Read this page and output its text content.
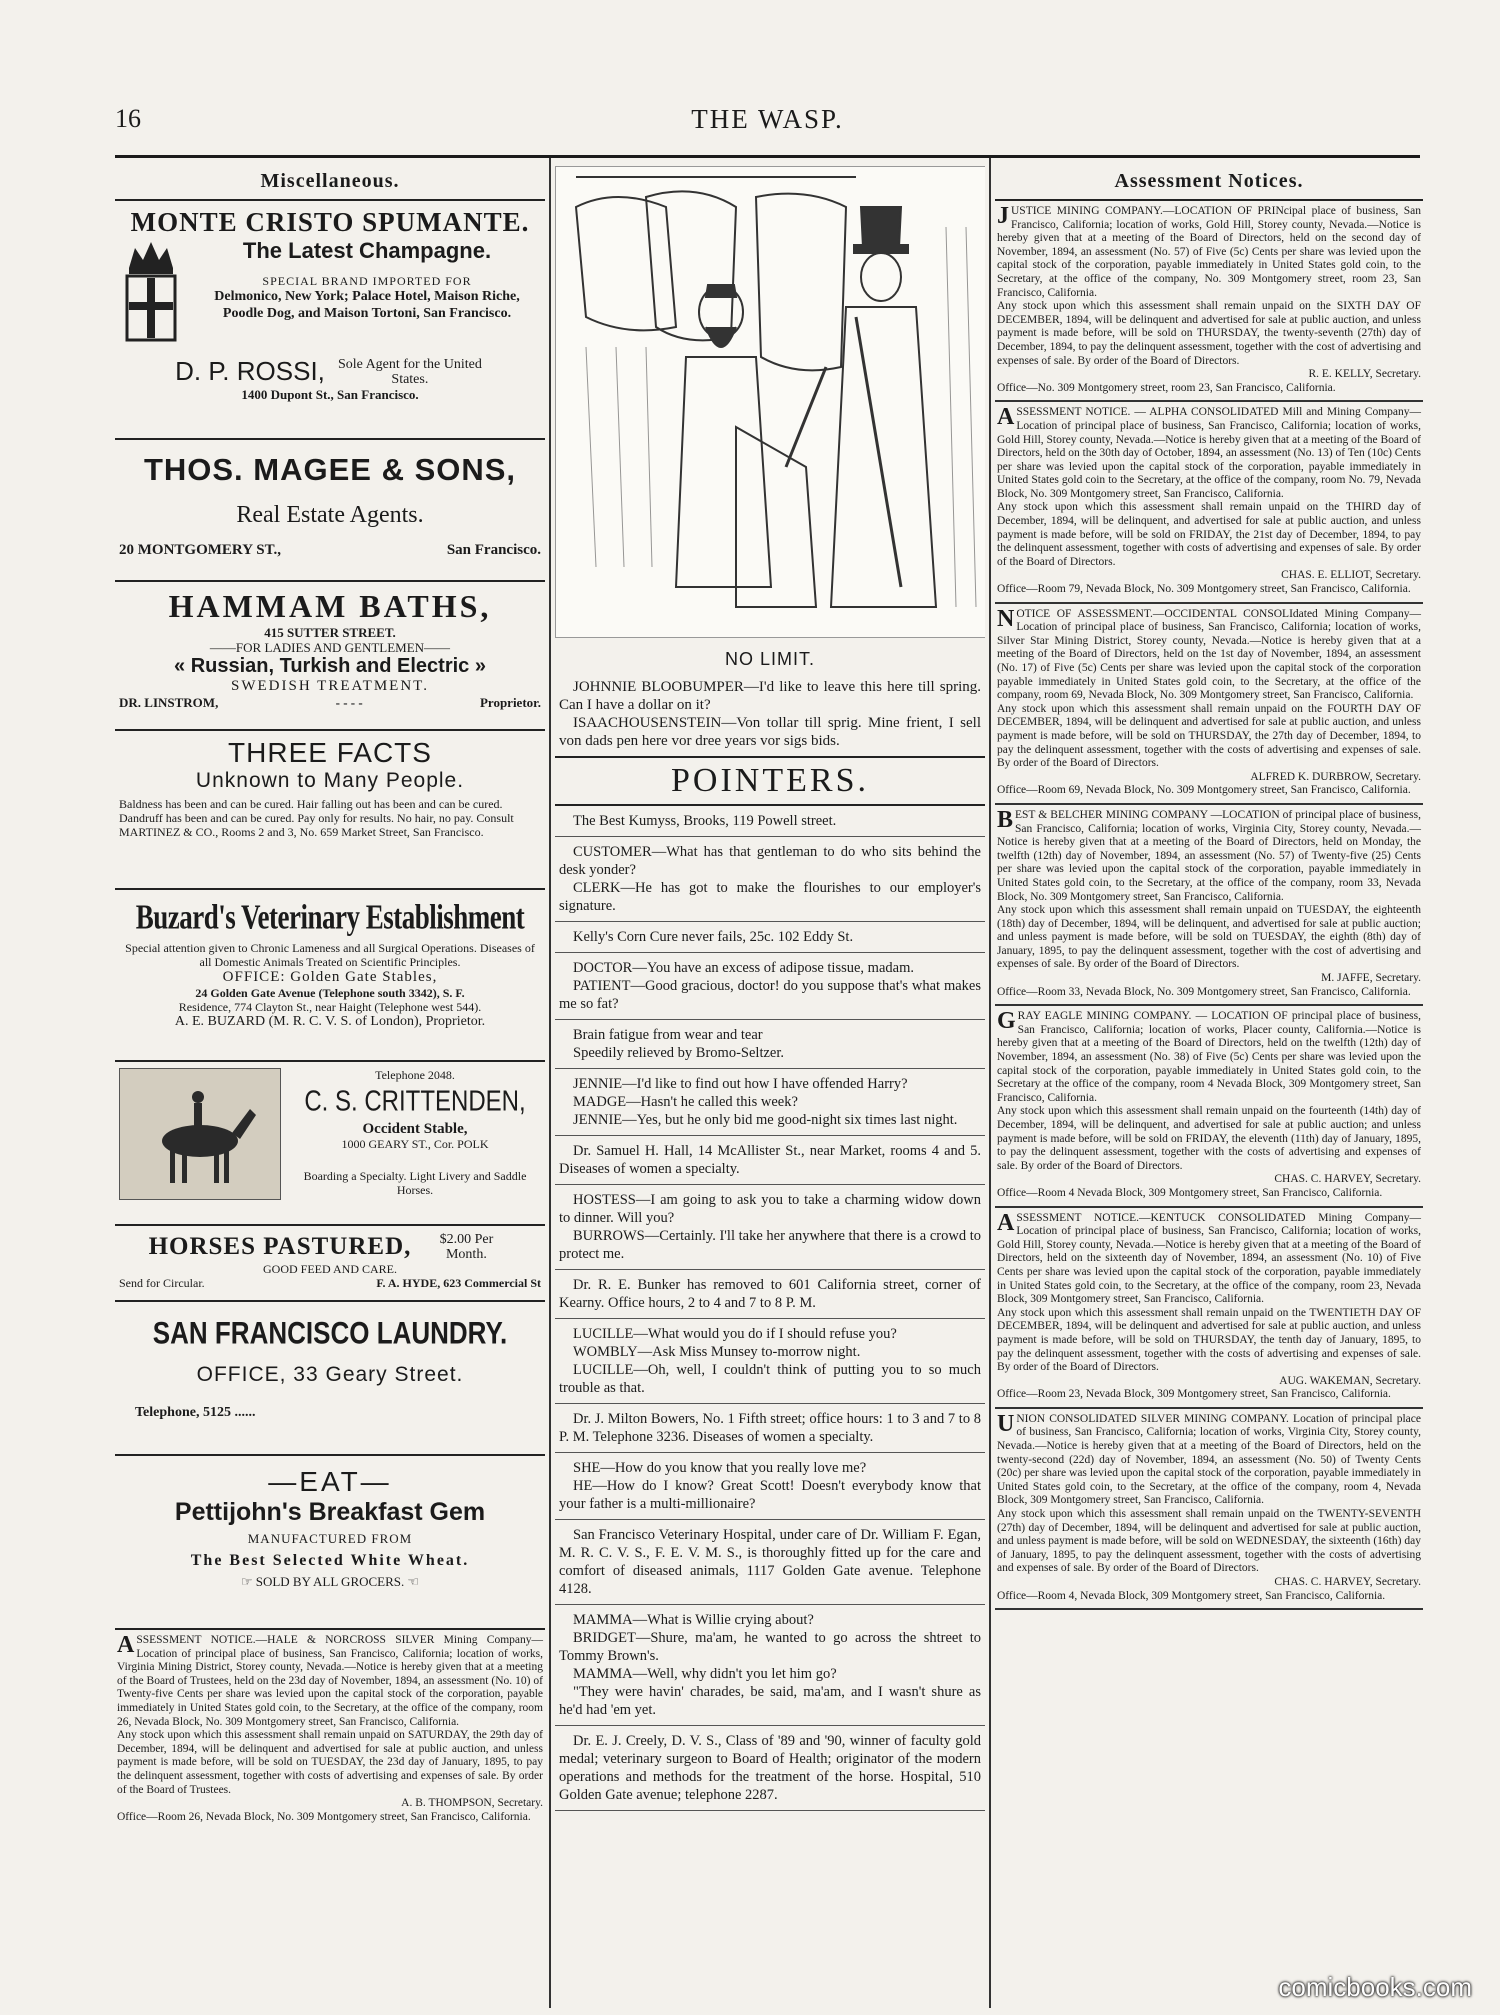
16	THE WASP.
Miscellaneous.
MONTE CRISTO SPUMANTE.
The Latest Champagne.
SPECIAL BRAND IMPORTED FOR
Delmonico, New York; Palace Hotel, Maison Riche, Poodle Dog, and Maison Tortoni, San Francisco.
D. P. ROSSI, Sole Agent for the United States.
1400 Dupont St., San Francisco.
THOS. MAGEE & SONS,
Real Estate Agents.
20 MONTGOMERY ST.,	San Francisco.
HAMMAM BATHS,
415 SUTTER STREET.
——FOR LADIES AND GENTLEMEN——
« Russian, Turkish and Electric »
SWEDISH TREATMENT.
DR. LINSTROM,	- - - -	Proprietor.
THREE FACTS
Unknown to Many People.
Baldness has been and can be cured. Hair falling out has been and can be cured. Dandruff has been and can be cured. Pay only for results. No hair, no pay. Consult MARTINEZ & CO., Rooms 2 and 3, No. 659 Market Street, San Francisco.
Buzard's Veterinary Establishment
Special attention given to Chronic Lameness and all Surgical Operations. Diseases of all Domestic Animals Treated on Scientific Principles.
OFFICE: Golden Gate Stables,
24 Golden Gate Avenue (Telephone south 3342), S. F.
Residence, 774 Clayton St., near Haight (Telephone west 544).
A. E. BUZARD (M. R. C. V. S. of London), Proprietor.
Telephone 2048.
C. S. CRITTENDEN,
Occident Stable,
1000 GEARY ST., Cor. POLK
Boarding a Specialty. Light Livery and Saddle Horses.
HORSES PASTURED,	$2.00 Per Month.
GOOD FEED AND CARE.
Send for Circular.	F. A. HYDE, 623 Commercial St
SAN FRANCISCO LAUNDRY.
OFFICE, 33 Geary Street.
Telephone, 5125 ......
—EAT—
Pettijohn's Breakfast Gem
MANUFACTURED FROM
The Best Selected White Wheat.
☞ SOLD BY ALL GROCERS. ☜

ASSESSMENT NOTICE.—HALE & NORCROSS SILVER Mining Company—Location of principal place of business, San Francisco, California; location of works, Virginia Mining District, Storey county, Nevada.—Notice is hereby given that at a meeting of the Board of Trustees, held on the 23d day of November, 1894, an assessment (No. 10) of Twenty-five Cents per share was levied upon the capital stock of the corporation, payable immediately in United States gold coin, to the Secretary, at the office of the company, room 26, Nevada Block, No. 309 Montgomery street, San Francisco, California.

Any stock upon which this assessment shall remain unpaid on SATURDAY, the 29th day of December, 1894, will be delinquent and advertised for sale at public auction, and unless payment is made before, will be sold on TUESDAY, the 23d day of January, 1895, to pay the delinquent assessment, together with costs of advertising and expenses of sale. By order of the Board of Trustees.

A. B. THOMPSON, Secretary.

Office—Room 26, Nevada Block, No. 309 Montgomery street, San Francisco, California.

NO LIMIT.
JOHNNIE BLOOBUMPER—I'd like to leave this here till spring. Can I have a dollar on it?
ISAACHOUSENSTEIN—Von tollar till sprig. Mine frient, I sell von dads pen here vor dree years vor sigs bids.
POINTERS.

The Best Kumyss, Brooks, 119 Powell street.

CUSTOMER—What has that gentleman to do who sits behind the desk yonder?

CLERK—He has got to make the flourishes to our employer's signature.

Kelly's Corn Cure never fails, 25c. 102 Eddy St.

DOCTOR—You have an excess of adipose tissue, madam.

PATIENT—Good gracious, doctor! do you suppose that's what makes me so fat?

Brain fatigue from wear and tear

Speedily relieved by Bromo-Seltzer.

JENNIE—I'd like to find out how I have offended Harry?

MADGE—Hasn't he called this week?

JENNIE—Yes, but he only bid me good-night six times last night.

Dr. Samuel H. Hall, 14 McAllister St., near Market, rooms 4 and 5. Diseases of women a specialty.

HOSTESS—I am going to ask you to take a charming widow down to dinner. Will you?

BURROWS—Certainly. I'll take her anywhere that there is a crowd to protect me.

Dr. R. E. Bunker has removed to 601 California street, corner of Kearny. Office hours, 2 to 4 and 7 to 8 P. M.

LUCILLE—What would you do if I should refuse you?

WOMBLY—Ask Miss Munsey to-morrow night.

LUCILLE—Oh, well, I couldn't think of putting you to so much trouble as that.

Dr. J. Milton Bowers, No. 1 Fifth street; office hours: 1 to 3 and 7 to 8 P. M. Telephone 3236. Diseases of women a specialty.

SHE—How do you know that you really love me?

HE—How do I know? Great Scott! Doesn't everybody know that your father is a multi-millionaire?

San Francisco Veterinary Hospital, under care of Dr. William F. Egan, M. R. C. V. S., F. E. V. M. S., is thoroughly fitted up for the care and comfort of diseased animals, 1117 Golden Gate avenue. Telephone 4128.

MAMMA—What is Willie crying about?

BRIDGET—Shure, ma'am, he wanted to go across the shtreet to Tommy Brown's.

MAMMA—Well, why didn't you let him go?

"They were havin' charades, be said, ma'am, and I wasn't shure as he'd had 'em yet.

Dr. E. J. Creely, D. V. S., Class of '89 and '90, winner of faculty gold medal; veterinary surgeon to Board of Health; originator of the modern operations and methods for the treatment of the horse. Hospital, 510 Golden Gate avenue; telephone 2287.

Assessment Notices.

JUSTICE MINING COMPANY.—LOCATION OF PRINcipal place of business, San Francisco, California; location of works, Gold Hill, Storey county, Nevada.—Notice is hereby given that at a meeting of the Board of Directors, held on the second day of November, 1894, an assessment (No. 57) of Five (5c) Cents per share was levied upon the capital stock of the corporation, payable immediately in United States gold coin, to the Secretary, at the office of the company, No. 309 Montgomery street, room 23, San Francisco, California.

Any stock upon which this assessment shall remain unpaid on the SIXTH DAY OF DECEMBER, 1894, will be delinquent and advertised for sale at public auction, and unless payment is made before, will be sold on THURSDAY, the twenty-seventh (27th) day of December, 1894, to pay the delinquent assessment, together with the cost of advertising and expenses of sale. By order of the Board of Directors.

R. E. KELLY, Secretary.

Office—No. 309 Montgomery street, room 23, San Francisco, California.

ASSESSMENT NOTICE. — ALPHA CONSOLIDATED Mill and Mining Company—Location of principal place of business, San Francisco, California; location of works, Gold Hill, Storey county, Nevada.—Notice is hereby given that at a meeting of the Board of Directors, held on the 30th day of October, 1894, an assessment (No. 13) of Ten (10c) Cents per share was levied upon the capital stock of the corporation, payable immediately in United States gold coin to the Secretary, at the office of the company, room No. 79, Nevada Block, No. 309 Montgomery street, San Francisco, California.

Any stock upon which this assessment shall remain unpaid on the THIRD day of December, 1894, will be delinquent, and advertised for sale at public auction, and unless payment is made before, will be sold on FRIDAY, the 21st day of December, 1894, to pay the delinquent assessment, together with costs of advertising and expenses of sale. By order of the Board of Directors.

CHAS. E. ELLIOT, Secretary.

Office—Room 79, Nevada Block, No. 309 Montgomery street, San Francisco, California.

NOTICE OF ASSESSMENT.—OCCIDENTAL CONSOLIdated Mining Company—Location of principal place of business, San Francisco, California; location of works, Silver Star Mining District, Storey county, Nevada.—Notice is hereby given that at a meeting of the Board of Directors, held on the 1st day of November, 1894, an assessment (No. 17) of Five (5c) Cents per share was levied upon the capital stock of the corporation payable immediately in United States gold coin, to the Secretary, at the office of the company, room 69, Nevada Block, No. 309 Montgomery street, San Francisco, California.

Any stock upon which this assessment shall remain unpaid on the FOURTH DAY OF DECEMBER, 1894, will be delinquent and advertised for sale at public auction, and unless payment is made before, will be sold on THURSDAY, the 27th day of December, 1894, to pay the delinquent assessment, together with the costs of advertising and expenses of sale. By order of the Board of Directors.

ALFRED K. DURBROW, Secretary.

Office—Room 69, Nevada Block, No. 309 Montgomery street, San Francisco, California.

BEST & BELCHER MINING COMPANY —LOCATION of principal place of business, San Francisco, California; location of works, Virginia City, Storey county, Nevada.—Notice is hereby given that at a meeting of the Board of Directors, held on Monday, the twelfth (12th) day of November, 1894, an assessment (No. 57) of Twenty-five (25) Cents per share was levied upon the capital stock of the corporation, payable immediately in United States gold coin, to the Secretary, at the office of the company, room 33, Nevada Block, No. 309 Montgomery street, San Francisco, California.

Any stock upon which this assessment shall remain unpaid on TUESDAY, the eighteenth (18th) day of December, 1894, will be delinquent, and advertised for sale at public auction; and unless payment is made before, will be sold on TUESDAY, the eighth (8th) day of January, 1895, to pay the delinquent assessment, together with the cost of advertising and expenses of sale. By order of the Board of Directors.

M. JAFFE, Secretary.

Office—Room 33, Nevada Block, No. 309 Montgomery street, San Francisco, California.

GRAY EAGLE MINING COMPANY. — LOCATION OF principal place of business, San Francisco, California; location of works, Placer county, California.—Notice is hereby given that at a meeting of the Board of Directors, held on the twelfth (12th) day of November, 1894, an assessment (No. 38) of Five (5c) Cents per share was levied upon the capital stock of the corporation, payable immediately in United States gold coin, to the Secretary at the office of the company, room 4 Nevada Block, 309 Montgomery street, San Francisco, California.

Any stock upon which this assessment shall remain unpaid on the fourteenth (14th) day of December, 1894, will be delinquent, and advertised for sale at public auction; and unless payment is made before, will be sold on FRIDAY, the eleventh (11th) day of January, 1895, to pay the delinquent assessment, together with the costs of advertising and expenses of sale. By order of the Board of Directors.

CHAS. C. HARVEY, Secretary.

Office—Room 4 Nevada Block, 309 Montgomery street, San Francisco, California.

ASSESSMENT NOTICE.—KENTUCK CONSOLIDATED Mining Company—Location of principal place of business, San Francisco, California; location of works, Gold Hill, Storey county, Nevada.—Notice is hereby given that at a meeting of the Board of Directors, held on the sixteenth day of November, 1894, an assessment (No. 10) of Five Cents per share was levied upon the capital stock of the corporation, payable immediately in United States gold coin, to the Secretary, at the office of the company, room 23, Nevada Block, 309 Montgomery street, San Francisco, California.

Any stock upon which this assessment shall remain unpaid on the TWENTIETH DAY OF DECEMBER, 1894, will be delinquent and advertised for sale at public auction, and unless payment is made before, will be sold on THURSDAY, the tenth day of January, 1895, to pay the delinquent assessment, together with the costs of advertising and expenses of sale. By order of the Board of Directors.

AUG. WAKEMAN, Secretary.

Office—Room 23, Nevada Block, 309 Montgomery street, San Francisco, California.

UNION CONSOLIDATED SILVER MINING COMPANY. Location of principal place of business, San Francisco, California; location of works, Virginia City, Storey county, Nevada.—Notice is hereby given that at a meeting of the Board of Directors, held on the twenty-second (22d) day of November, 1894, an assessment (No. 50) of Twenty Cents (20c) per share was levied upon the capital stock of the corporation, payable immediately in United States gold coin, to the Secretary, at the office of the company, room 4, Nevada Block, 309 Montgomery street, San Francisco, California.

Any stock upon which this assessment shall remain unpaid on the TWENTY-SEVENTH (27th) day of December, 1894, will be delinquent and advertised for sale at public auction, and unless payment is made before, will be sold on WEDNESDAY, the sixteenth (16th) day of January, 1895, to pay the delinquent assessment, together with the costs of advertising and expenses of sale. By order of the Board of Directors.

CHAS. C. HARVEY, Secretary.

Office—Room 4, Nevada Block, 309 Montgomery street, San Francisco, California.

comicbooks.com
